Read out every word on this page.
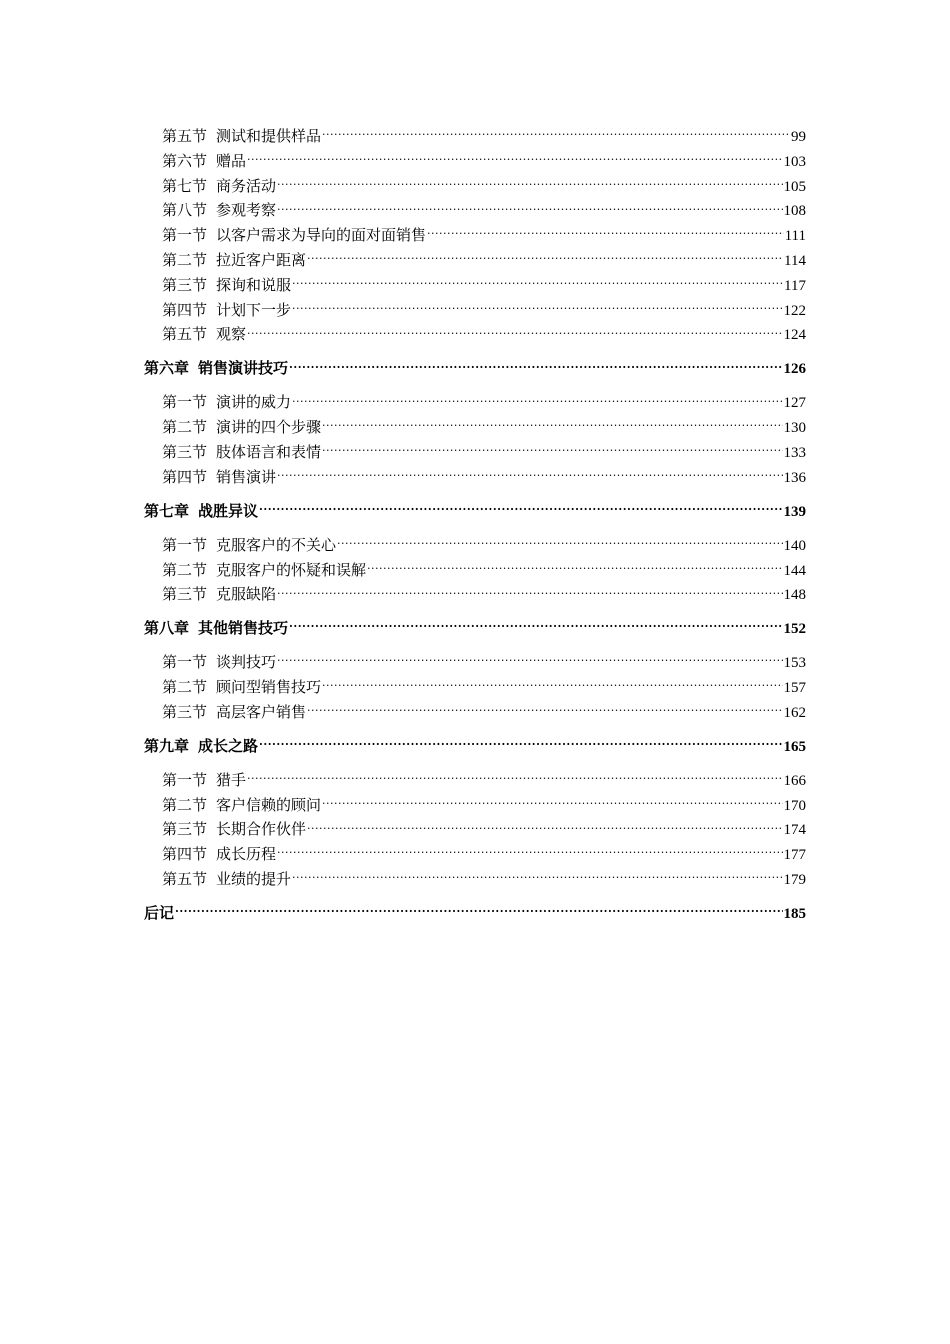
第五节 测试和提供样品 .....	99
第六节 赠品 .....	103
第七节 商务活动 .....	105
第八节 参观考察 .....	108
第一节 以客户需求为导向的面对面销售 .....	111
第二节 拉近客户距离 .....	114
第三节 探询和说服 .....	117
第四节 计划下一步 .....	122
第五节 观察 .....	124
第六章 销售演讲技巧 .....	126
第一节 演讲的威力 .....	127
第二节 演讲的四个步骤 .....	130
第三节 肢体语言和表情 .....	133
第四节 销售演讲 .....	136
第七章 战胜异议 .....	139
第一节 克服客户的不关心 .....	140
第二节 克服客户的怀疑和误解 .....	144
第三节 克服缺陷 .....	148
第八章 其他销售技巧 .....	152
第一节 谈判技巧 .....	153
第二节 顾问型销售技巧 .....	157
第三节 高层客户销售 .....	162
第九章 成长之路 .....	165
第一节 猎手 .....	166
第二节 客户信赖的顾问 .....	170
第三节 长期合作伙伴 .....	174
第四节 成长历程 .....	177
第五节 业绩的提升 .....	179
后记 .....	185
